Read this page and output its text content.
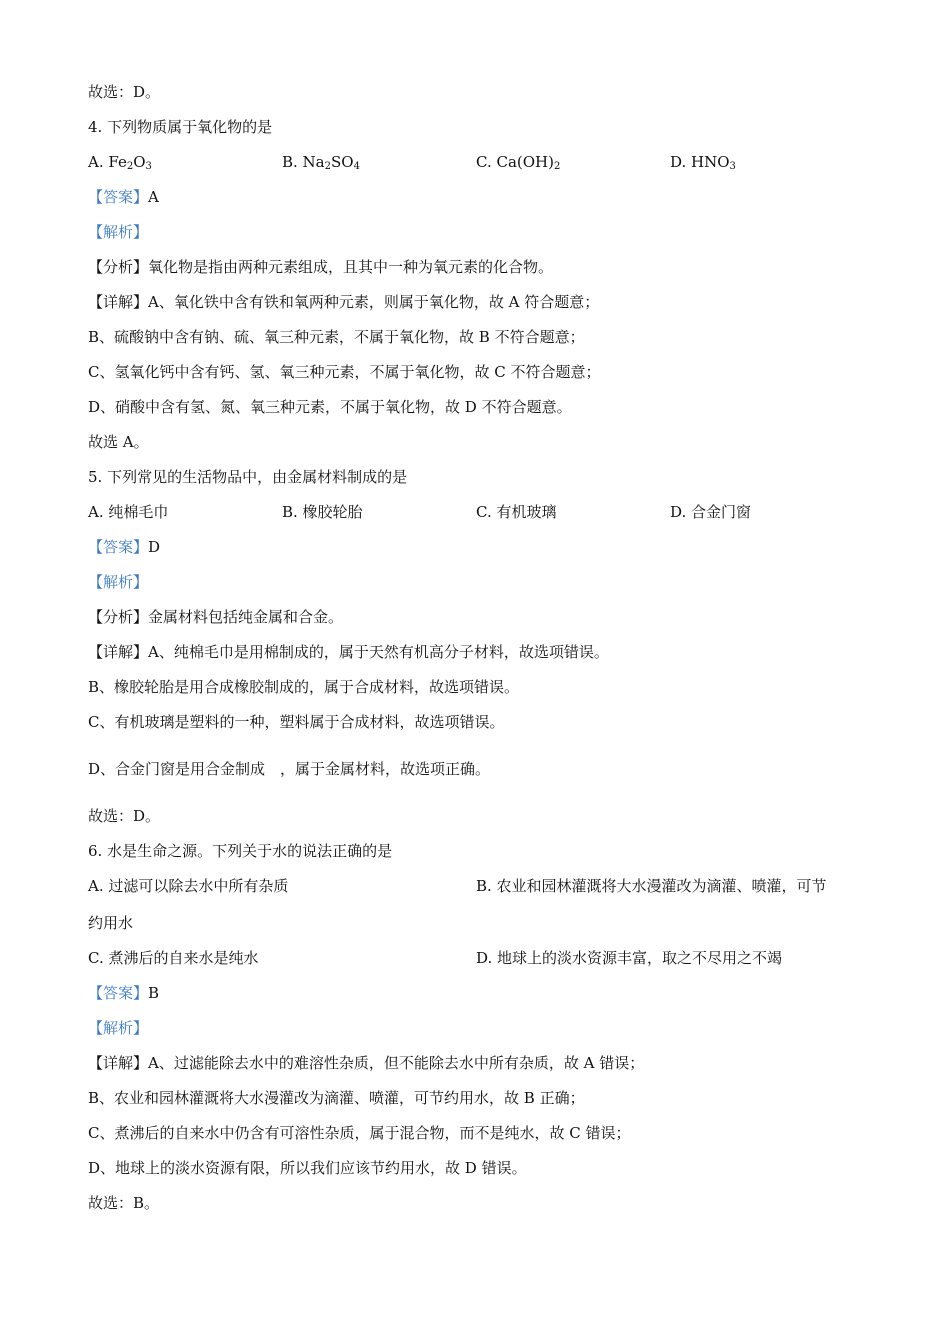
故选：D。
4. 下列物质属于氧化物的是
A. $Fe_2O_3$	B. $Na_2SO_4$	C. $Ca(OH)_2$	D. $HNO_3$
【答案】A
【解析】
【分析】氧化物是指由两种元素组成，且其中一种为氧元素的化合物。
【详解】A、氧化铁中含有铁和氧两种元素，则属于氧化物，故 A 符合题意；
B、硫酸钠中含有钠、硫、氧三种元素，不属于氧化物，故 B 不符合题意；
C、氢氧化钙中含有钙、氢、氧三种元素，不属于氧化物，故 C 不符合题意；
D、硝酸中含有氢、氮、氧三种元素，不属于氧化物，故 D 不符合题意。
故选 A。
5. 下列常见的生活物品中，由金属材料制成的是
A. 纯棉毛巾	B. 橡胶轮胎	C. 有机玻璃	D. 合金门窗
【答案】D
【解析】
【分析】金属材料包括纯金属和合金。
【详解】A、纯棉毛巾是用棉制成的，属于天然有机高分子材料，故选项错误。
B、橡胶轮胎是用合成橡胶制成的，属于合成材料，故选项错误。
C、有机玻璃是塑料的一种，塑料属于合成材料，故选项错误。
D、合金门窗是用合金制成　，属于金属材料，故选项正确。
故选：D。
6. 水是生命之源。下列关于水的说法正确的是
A. 过滤可以除去水中所有杂质	B. 农业和园林灌溉将大水漫灌改为滴灌、喷灌，可节
约用水
C. 煮沸后的自来水是纯水	D. 地球上的淡水资源丰富，取之不尽用之不竭
【答案】B
【解析】
【详解】A、过滤能除去水中的难溶性杂质，但不能除去水中所有杂质，故 A 错误；
B、农业和园林灌溉将大水漫灌改为滴灌、喷灌，可节约用水，故 B 正确；
C、煮沸后的自来水中仍含有可溶性杂质，属于混合物，而不是纯水，故 C 错误；
D、地球上的淡水资源有限，所以我们应该节约用水，故 D 错误。
故选：B。
